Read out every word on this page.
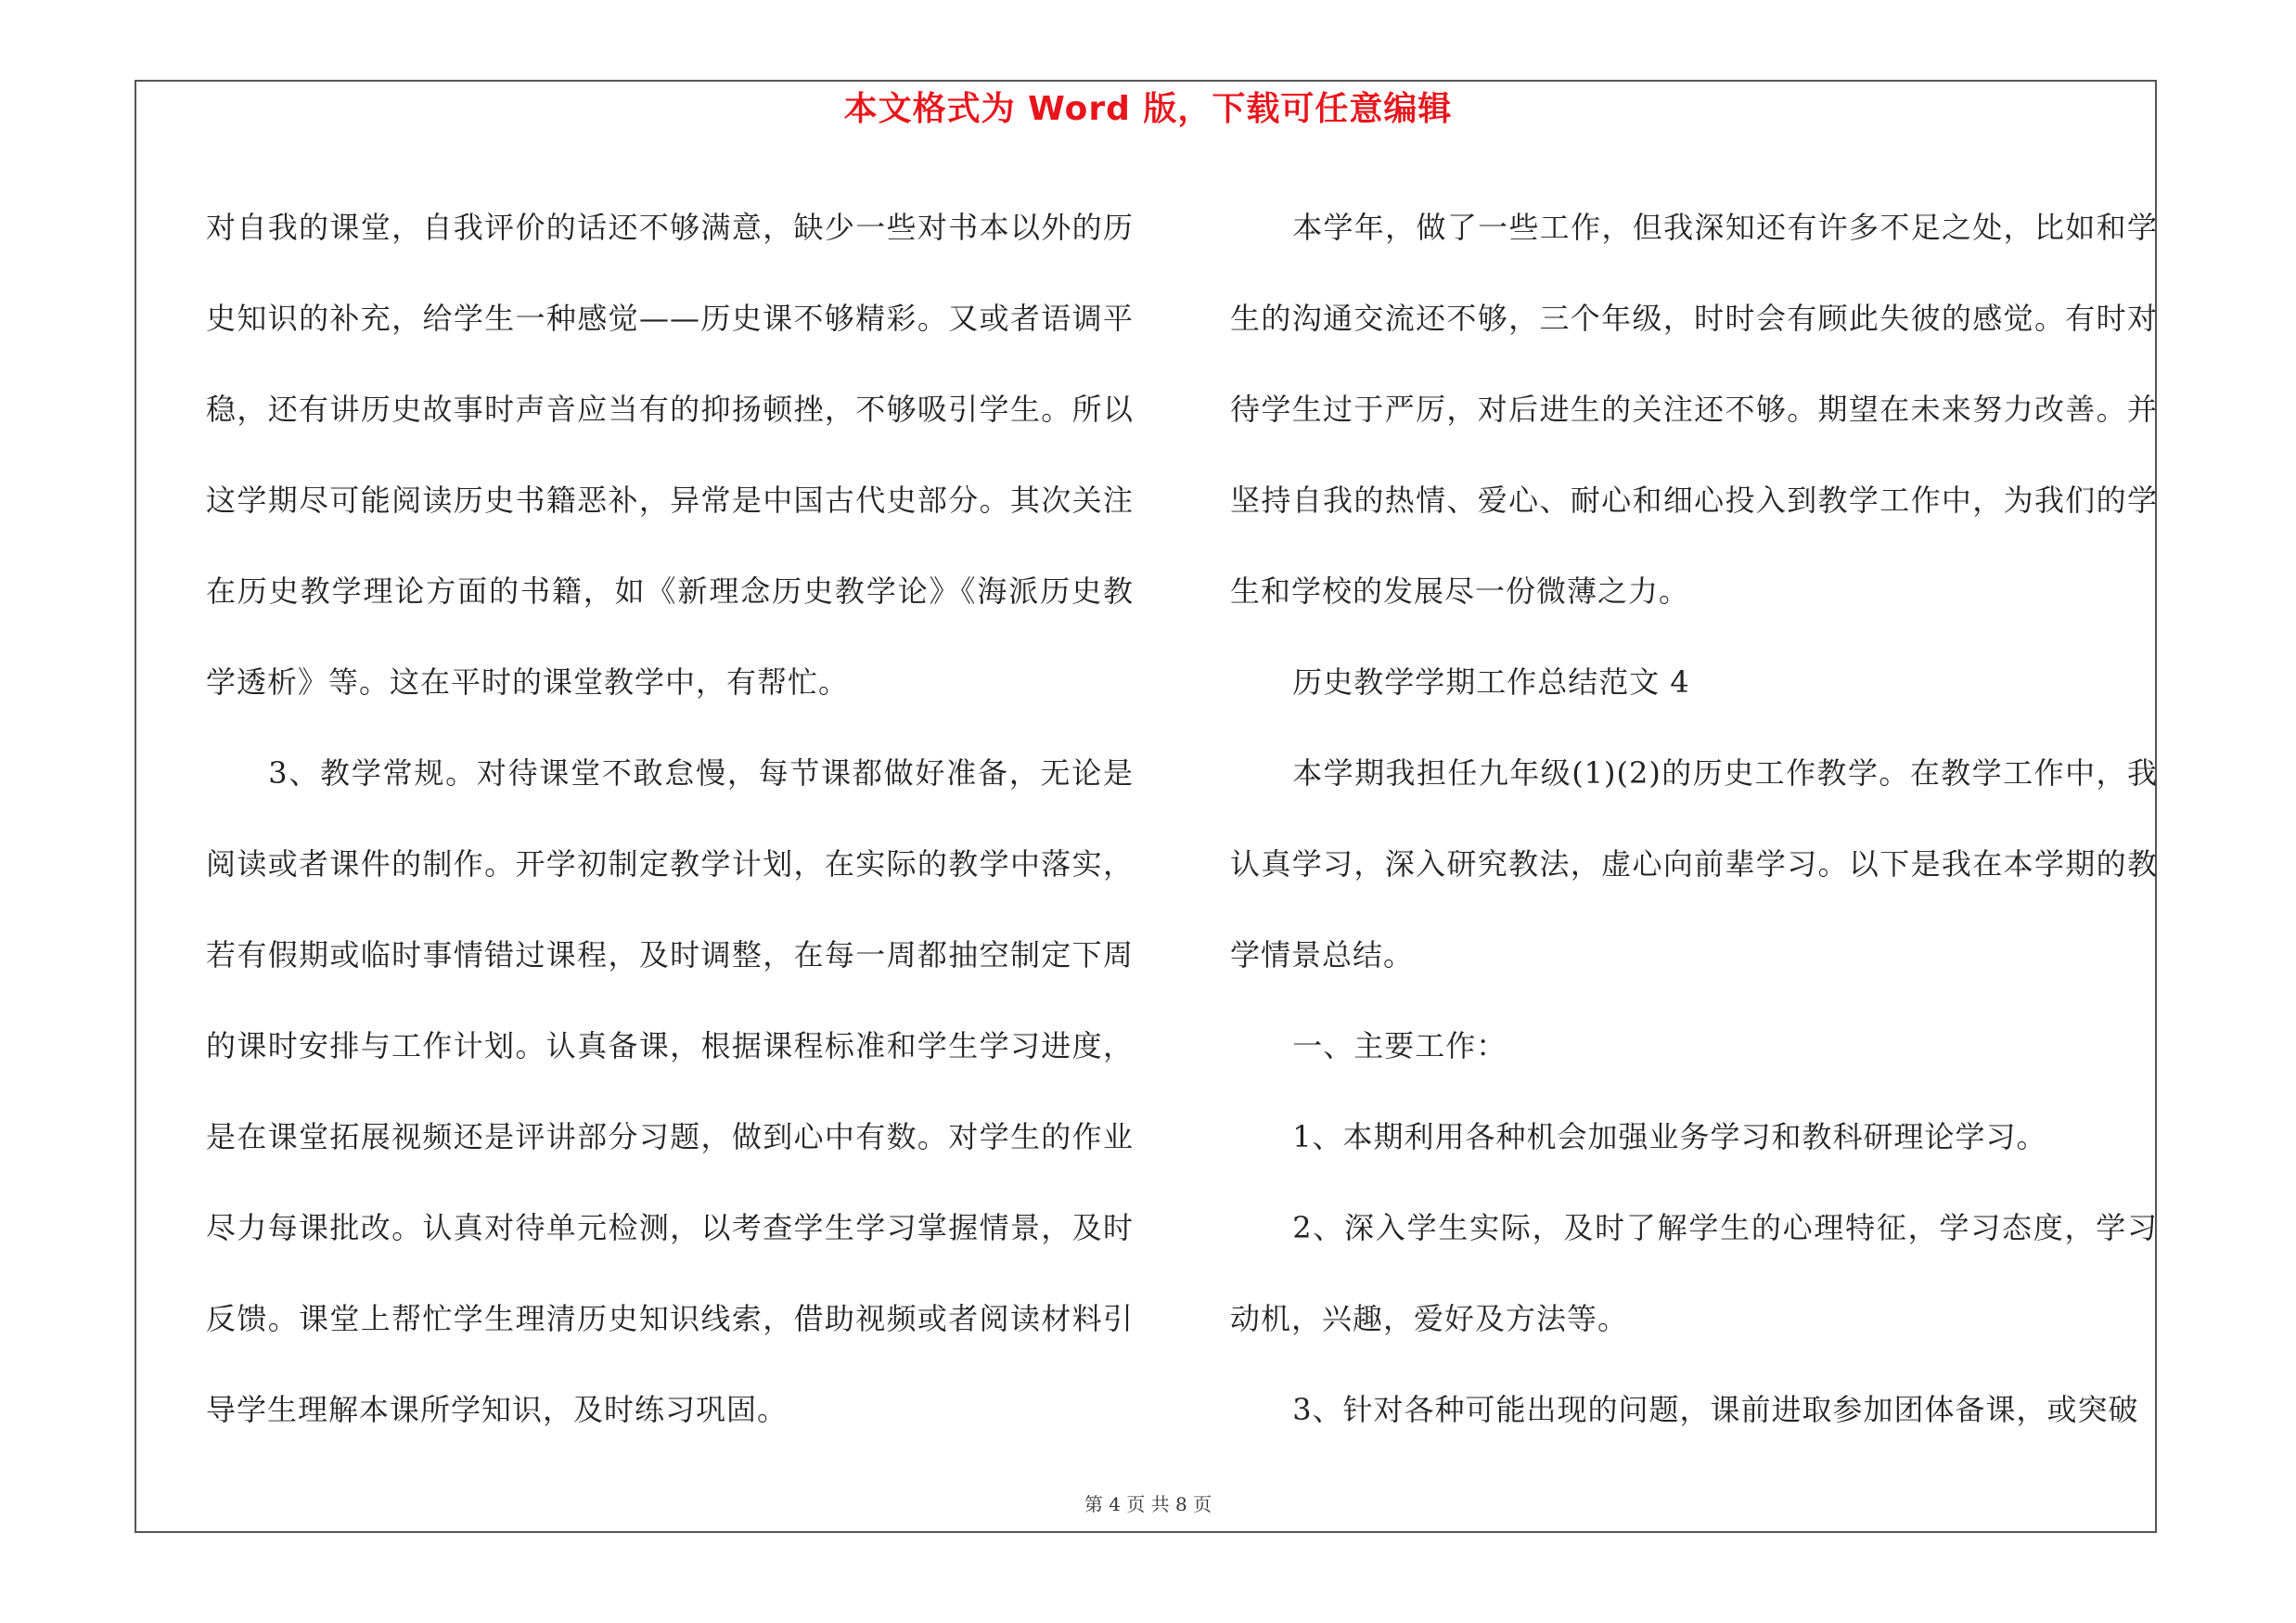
本文格式为 Word 版，下载可任意编辑

对自我的课堂，自我评价的话还不够满意，缺少一些对书本以外的历史知识的补充，给学生一种感觉——历史课不够精彩。又或者语调平稳，还有讲历史故事时声音应当有的抑扬顿挫，不够吸引学生。所以这学期尽可能阅读历史书籍恶补，异常是中国古代史部分。其次关注在历史教学理论方面的书籍，如《新理念历史教学论》《海派历史教学透析》等。这在平时的课堂教学中，有帮忙。

3、教学常规。对待课堂不敢怠慢，每节课都做好准备，无论是阅读或者课件的制作。开学初制定教学计划，在实际的教学中落实，若有假期或临时事情错过课程，及时调整，在每一周都抽空制定下周的课时安排与工作计划。认真备课，根据课程标准和学生学习进度，是在课堂拓展视频还是评讲部分习题，做到心中有数。对学生的作业尽力每课批改。认真对待单元检测，以考查学生学习掌握情景，及时反馈。课堂上帮忙学生理清历史知识线索，借助视频或者阅读材料引导学生理解本课所学知识，及时练习巩固。

本学年，做了一些工作，但我深知还有许多不足之处，比如和学生的沟通交流还不够，三个年级，时时会有顾此失彼的感觉。有时对待学生过于严厉，对后进生的关注还不够。期望在未来努力改善。并坚持自我的热情、爱心、耐心和细心投入到教学工作中，为我们的学生和学校的发展尽一份微薄之力。

历史教学学期工作总结范文 4

本学期我担任九年级(1)(2)的历史工作教学。在教学工作中，我认真学习，深入研究教法，虚心向前辈学习。以下是我在本学期的教学情景总结。

一、主要工作：

1、本期利用各种机会加强业务学习和教科研理论学习。

2、深入学生实际，及时了解学生的心理特征，学习态度，学习动机，兴趣，爱好及方法等。

3、针对各种可能出现的问题，课前进取参加团体备课，或突破

第 4 页 共 8 页
